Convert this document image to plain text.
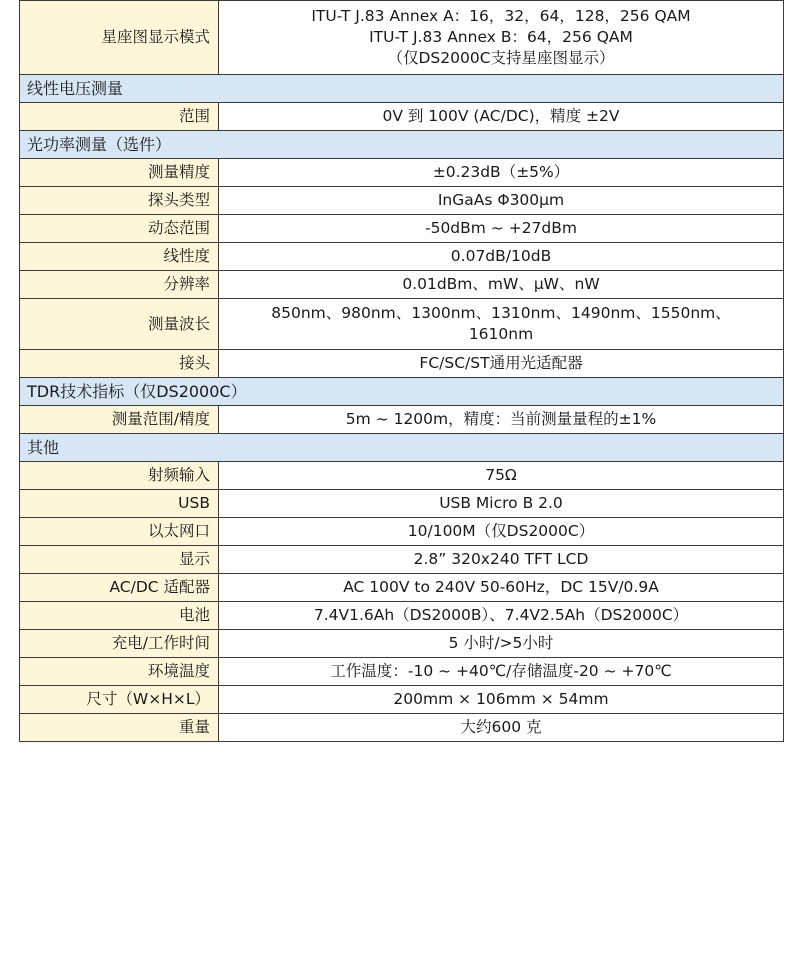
星座图显示模式	ITU-T J.83 Annex A：16，32，64，128，256 QAM
ITU-T J.83 Annex B：64，256 QAM
（仅DS2000C支持星座图显示）

线性电压测量	
范围	0V 到 100V (AC/DC)，精度 ±2V

光功率测量（选件）	
测量精度	±0.23dB（±5%）

探头类型	InGaAs Φ300μm

动态范围	-50dBm ~ +27dBm

线性度	0.07dB/10dB

分辨率	0.01dBm、mW、μW、nW

测量波长	850nm、980nm、1300nm、1310nm、1490nm、1550nm、
1610nm

接头	FC/SC/ST通用光适配器

TDR技术指标（仅DS2000C）	
测量范围/精度	5m ~ 1200m，精度：当前测量量程的±1%

其他	
射频输入	75Ω

USB	USB Micro B 2.0

以太网口	10/100M（仅DS2000C）

显示	2.8” 320x240 TFT LCD

AC/DC 适配器	AC 100V to 240V 50-60Hz，DC 15V/0.9A

电池	7.4V1.6Ah（DS2000B）、7.4V2.5Ah（DS2000C）

充电/工作时间	5 小时/>5小时

环境温度	工作温度：-10 ~ +40℃/存储温度-20 ~ +70℃

尺寸（W×H×L）	200mm × 106mm × 54mm

重量	大约600 克
